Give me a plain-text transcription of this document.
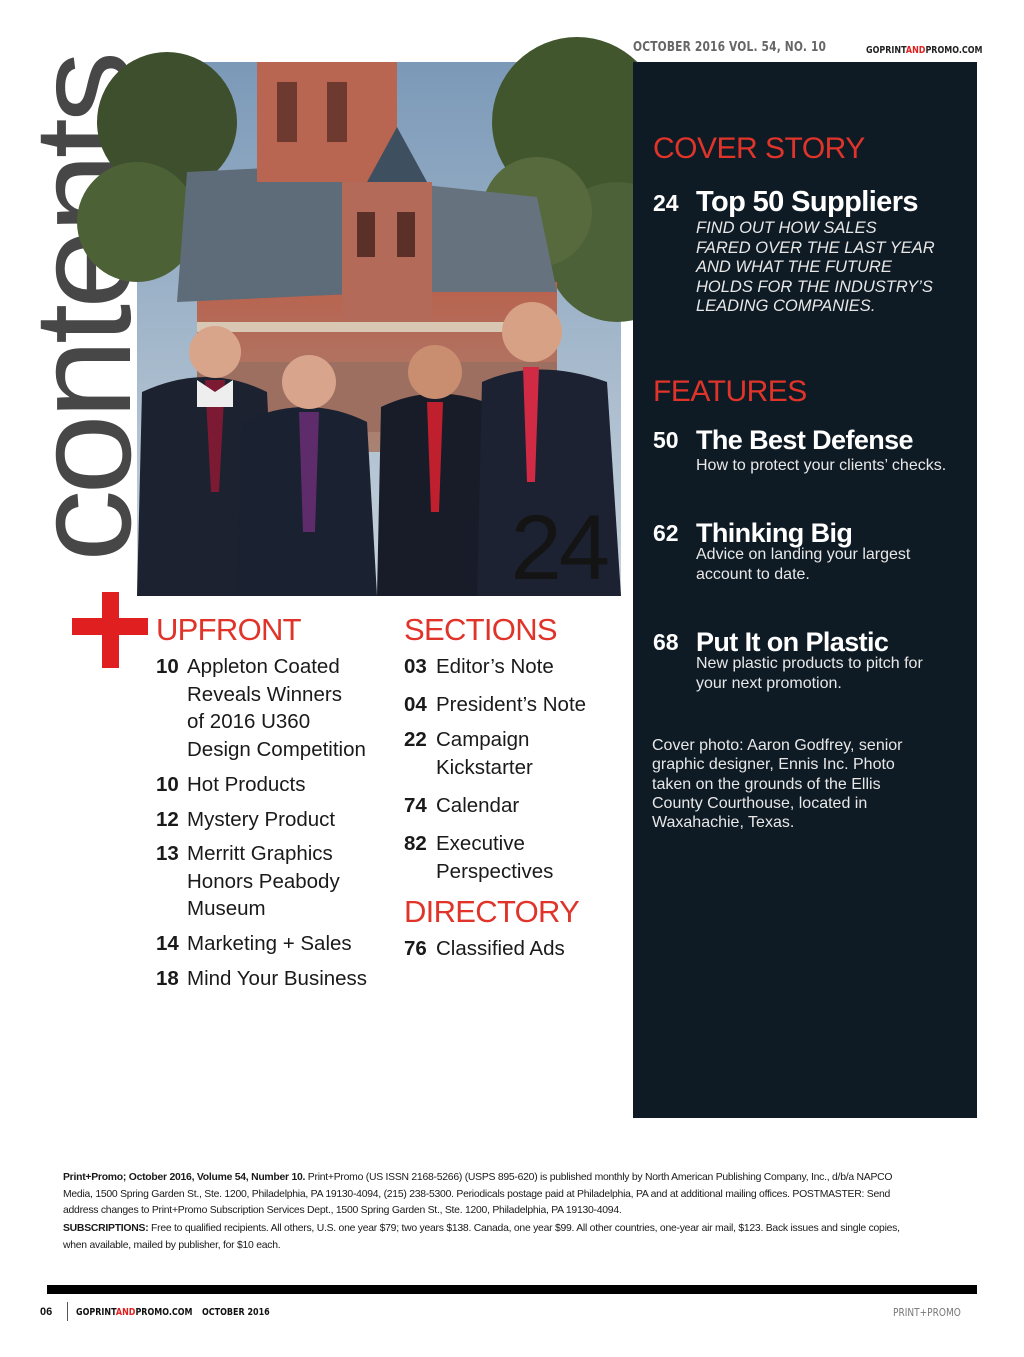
OCTOBER 2016 VOL. 54, NO. 10	GOPRINTANDPROMO.COM
contents	24
COVER STORY
24 Top 50 Suppliers
FIND OUT HOW SALES
FARED OVER THE LAST YEAR
AND WHAT THE FUTURE
HOLDS FOR THE INDUSTRY’S
LEADING COMPANIES.
FEATURES
50 The Best Defense
How to protect your clients’ checks.
62 Thinking Big
Advice on landing your largest
account to date.
68 Put It on Plastic
New plastic products to pitch for
your next promotion.
Cover photo: Aaron Godfrey, senior
graphic designer, Ennis Inc. Photo
taken on the grounds of the Ellis
County Courthouse, located in
Waxahachie, Texas.
UPFRONT
10 Appleton Coated
Reveals Winners
of 2016 U360
Design Competition
10 Hot Products
12 Mystery Product
13 Merritt Graphics
Honors Peabody
Museum
14 Marketing + Sales
18 Mind Your Business
SECTIONS
03 Editor’s Note
04 President’s Note
22 Campaign
Kickstarter
74 Calendar
82 Executive
Perspectives
DIRECTORY
76 Classified Ads
Print+Promo; October 2016, Volume 54, Number 10. Print+Promo (US ISSN 2168-5266) (USPS 895-620) is published monthly by North American Publishing Company, Inc., d/b/a NAPCO Media, 1500 Spring Garden St., Ste. 1200, Philadelphia, PA 19130-4094, (215) 238-5300. Periodicals postage paid at Philadelphia, PA and at additional mailing offices. POSTMASTER: Send address changes to Print+Promo Subscription Services Dept., 1500 Spring Garden St., Ste. 1200, Philadelphia, PA 19130-4094.
SUBSCRIPTIONS: Free to qualified recipients. All others, U.S. one year $79; two years $138. Canada, one year $99. All other countries, one-year air mail, $123. Back issues and single copies, when available, mailed by publisher, for $10 each.
06 GOPRINTANDPROMO.COM OCTOBER 2016	PRINT+PROMO
